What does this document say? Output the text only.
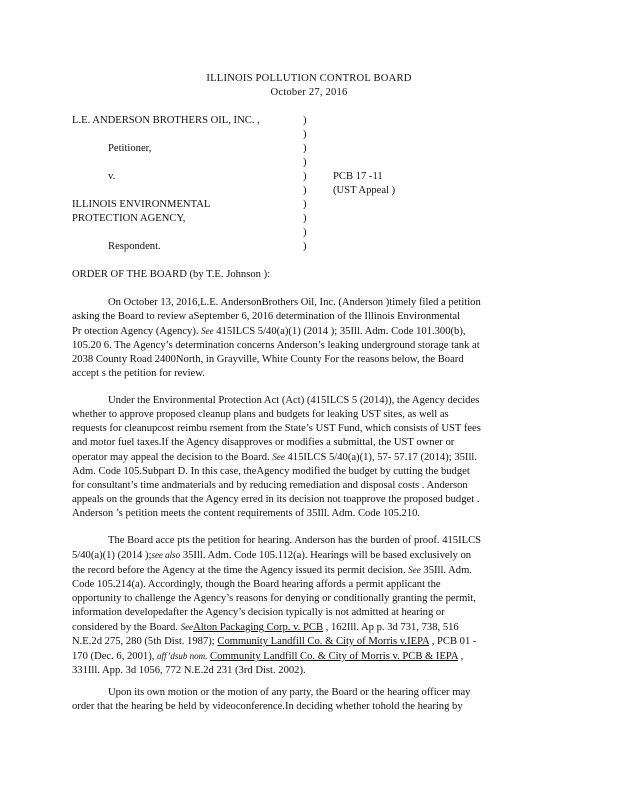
ILLINOIS POLLUTION CONTROL BOARD
October 27, 2016
L.E. ANDERSON BROTHERS OIL, INC. ,
Petitioner,
v.
ILLINOIS ENVIRONMENTAL
PROTECTION AGENCY,
Respondent.
)
)
)
)
)
)
)
)
)
)
PCB 17 -11
(UST Appeal )
ORDER OF THE BOARD (by T.E. Johnson ):
On October 13, 2016,L.E. AndersonBrothers Oil, Inc. (Anderson )timely filed a petition
asking the Board to review aSeptember 6, 2016 determination of the Illinois Environmental
Pr otection Agency (Agency). See 415ILCS 5/40(a)(1) (2014 ); 35Ill. Adm. Code 101.300(b),
105.20 6. The Agency’s determination concerns Anderson’s leaking underground storage tank at
2038 County Road 2400North, in Grayville, White County For the reasons below, the Board
accept s the petition for review.
Under the Environmental Protection Act (Act) (415ILCS 5 (2014)), the Agency decides
whether to approve proposed cleanup plans and budgets for leaking UST sites, as well as
requests for cleanupcost reimbu rsement from the State’s UST Fund, which consists of UST fees
and motor fuel taxes.If the Agency disapproves or modifies a submittal, the UST owner or
operator may appeal the decision to the Board. See 415ILCS 5/40(a)(1), 57- 57.17 (2014); 35Ill.
Adm. Code 105.Subpart D. In this case, theAgency modified the budget by cutting the budget
for consultant’s time andmaterials and by reducing remediation and disposal costs . Anderson
appeals on the grounds that the Agency erred in its decision not toapprove the proposed budget .
Anderson ’s petition meets the content requirements of 35Ill. Adm. Code 105.210.
The Board acce pts the petition for hearing. Anderson has the burden of proof. 415ILCS
5/40(a)(1) (2014 );see also 35Ill. Adm. Code 105.112(a). Hearings will be based exclusively on
the record before the Agency at the time the Agency issued its permit decision. See 35Ill. Adm.
Code 105.214(a). Accordingly, though the Board hearing affords a permit applicant the
opportunity to challenge the Agency’s reasons for denying or conditionally granting the permit,
information developedafter the Agency’s decision typically is not admitted at hearing or
considered by the Board. SeeAlton Packaging Corp. v. PCB , 162Ill. Ap p. 3d 731, 738, 516
N.E.2d 275, 280 (5th Dist. 1987); Community Landfill Co. & City of Morris v.IEPA , PCB 01 -
170 (Dec. 6, 2001), aff’dsub nom. Community Landfill Co. & City of Morris v. PCB & IEPA ,
331Ill. App. 3d 1056, 772 N.E.2d 231 (3rd Dist. 2002).
Upon its own motion or the motion of any party, the Board or the hearing officer may
order that the hearing be held by videoconference.In deciding whether tohold the hearing by
